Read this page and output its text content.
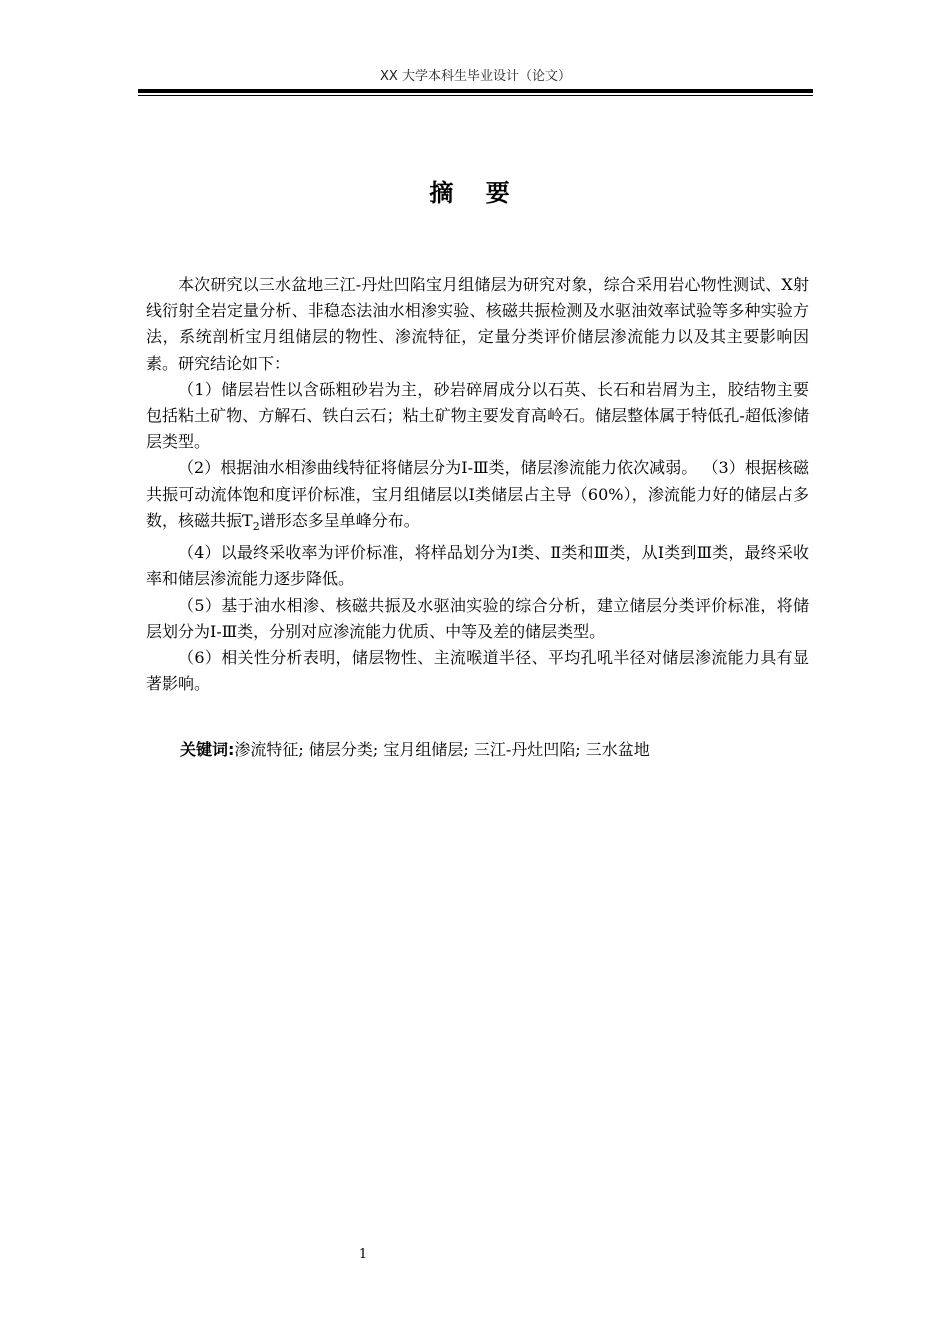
XX 大学本科生毕业设计（论文）
摘 要

本次研究以三水盆地三江-丹灶凹陷宝月组储层为研究对象，综合采用岩心物性测试、X射线衍射全岩定量分析、非稳态法油水相渗实验、核磁共振检测及水驱油效率试验等多种实验方法，系统剖析宝月组储层的物性、渗流特征，定量分类评价储层渗流能力以及其主要影响因素。研究结论如下：

（1）储层岩性以含砾粗砂岩为主，砂岩碎屑成分以石英、长石和岩屑为主，胶结物主要包括粘土矿物、方解石、铁白云石；粘土矿物主要发育高岭石。储层整体属于特低孔-超低渗储层类型。

（2）根据油水相渗曲线特征将储层分为Ⅰ-Ⅲ类，储层渗流能力依次减弱。 （3）根据核磁共振可动流体饱和度评价标准，宝月组储层以Ⅰ类储层占主导（60%），渗流能力好的储层占多数，核磁共振$T_2$谱形态多呈单峰分布。

（4）以最终采收率为评价标准，将样品划分为Ⅰ类、Ⅱ类和Ⅲ类，从Ⅰ类到Ⅲ类，最终采收率和储层渗流能力逐步降低。

（5）基于油水相渗、核磁共振及水驱油实验的综合分析，建立储层分类评价标准，将储层划分为Ⅰ-Ⅲ类，分别对应渗流能力优质、中等及差的储层类型。

（6）相关性分析表明，储层物性、主流喉道半径、平均孔吼半径对储层渗流能力具有显著影响。

关键词:渗流特征; 储层分类; 宝月组储层; 三江-丹灶凹陷; 三水盆地
1
